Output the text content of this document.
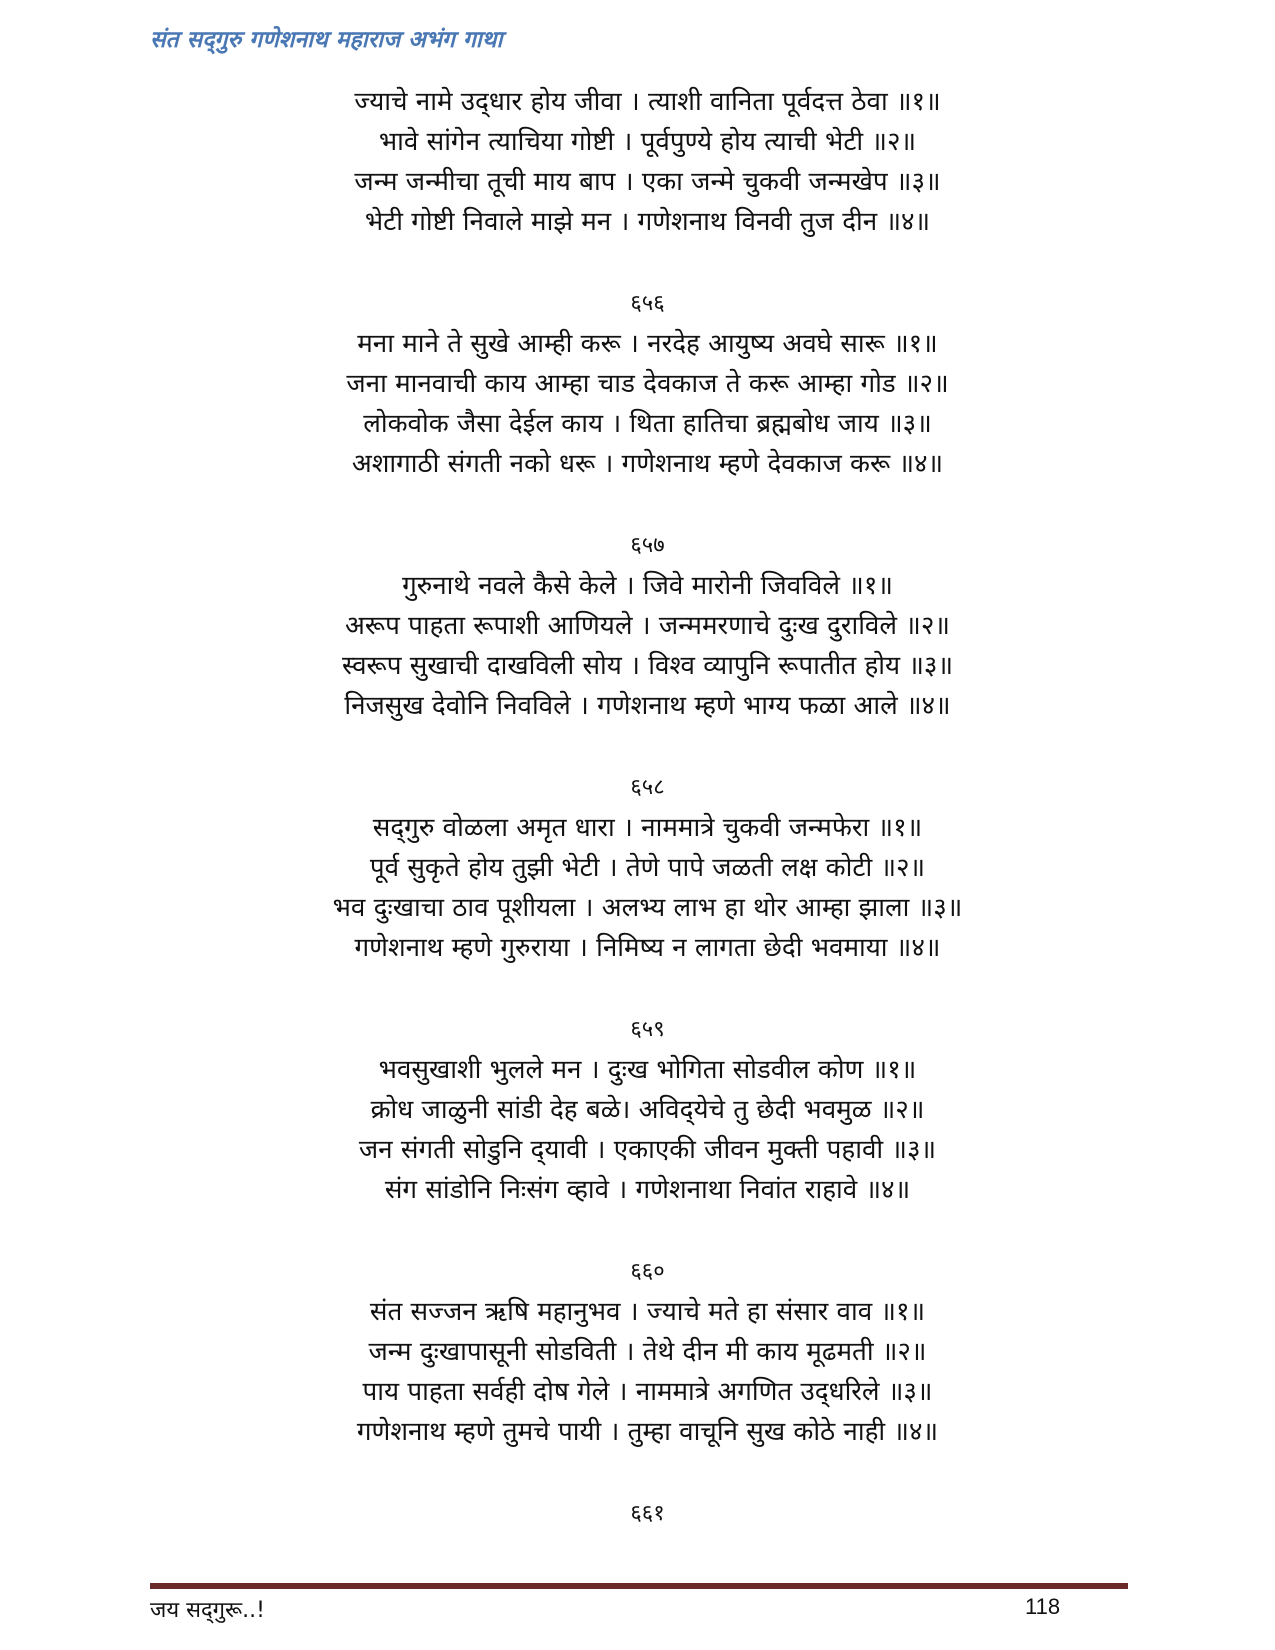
संत सद्‌गुरु गणेशनाथ महाराज अभंग गाथा
ज्याचे नामे उद्‌धार होय जीवा । त्याशी वानिता पूर्वदत्त ठेवा ॥१॥
भावे सांगेन त्याचिया गोष्टी । पूर्वपुण्ये होय त्याची भेटी ॥२॥
जन्म जन्मीचा तूची माय बाप । एका जन्मे चुकवी जन्मखेप ॥३॥
भेटी गोष्टी निवाले माझे मन । गणेशनाथ विनवी तुज दीन ॥४॥
६५६
मना माने ते सुखे आम्ही करू । नरदेह आयुष्य अवघे सारू ॥१॥
जना मानवाची काय आम्हा चाड देवकाज ते करू आम्हा गोड ॥२॥
लोकवोक जैसा देईल काय । थिता हातिचा ब्रह्मबोध जाय ॥३॥
अशागाठी संगती नको धरू । गणेशनाथ म्हणे देवकाज करू ॥४॥
६५७
गुरुनाथे नवले कैसे केले । जिवे मारोनी जिवविले ॥१॥
अरूप पाहता रूपाशी आणियले । जन्ममरणाचे दुःख दुराविले ॥२॥
स्वरूप सुखाची दाखविली सोय । विश्व व्यापुनि रूपातीत होय ॥३॥
निजसुख देवोनि निवविले । गणेशनाथ म्हणे भाग्य फळा आले ॥४॥
६५८
सद्‌गुरु वोळला अमृत धारा । नाममात्रे चुकवी जन्मफेरा ॥१॥
पूर्व सुकृते होय तुझी भेटी । तेणे पापे जळती लक्ष कोटी ॥२॥
भव दुःखाचा ठाव पूशीयला । अलभ्य लाभ हा थोर आम्हा झाला ॥३॥
गणेशनाथ म्हणे गुरुराया । निमिष्य न लागता छेदी भवमाया ॥४॥
६५९
भवसुखाशी भुलले मन । दुःख भोगिता सोडवील कोण ॥१॥
क्रोध जाळुनी सांडी देह बळे। अविद्‌येचे तु छेदी भवमुळ ॥२॥
जन संगती सोडुनि द्‌यावी । एकाएकी जीवन मुक्ती पहावी ॥३॥
संग सांडोनि निःसंग व्हावे । गणेशनाथा निवांत राहावे ॥४॥
६६०
संत सज्जन ऋषि महानुभव । ज्याचे मते हा संसार वाव ॥१॥
जन्म दुःखापासूनी सोडविती । तेथे दीन मी काय मूढमती ॥२॥
पाय पाहता सर्वही दोष गेले । नाममात्रे अगणित उद्‌धरिले ॥३॥
गणेशनाथ म्हणे तुमचे पायी । तुम्हा वाचूनि सुख कोठे नाही ॥४॥
६६१
जय सद्‌गुरू..!	118
